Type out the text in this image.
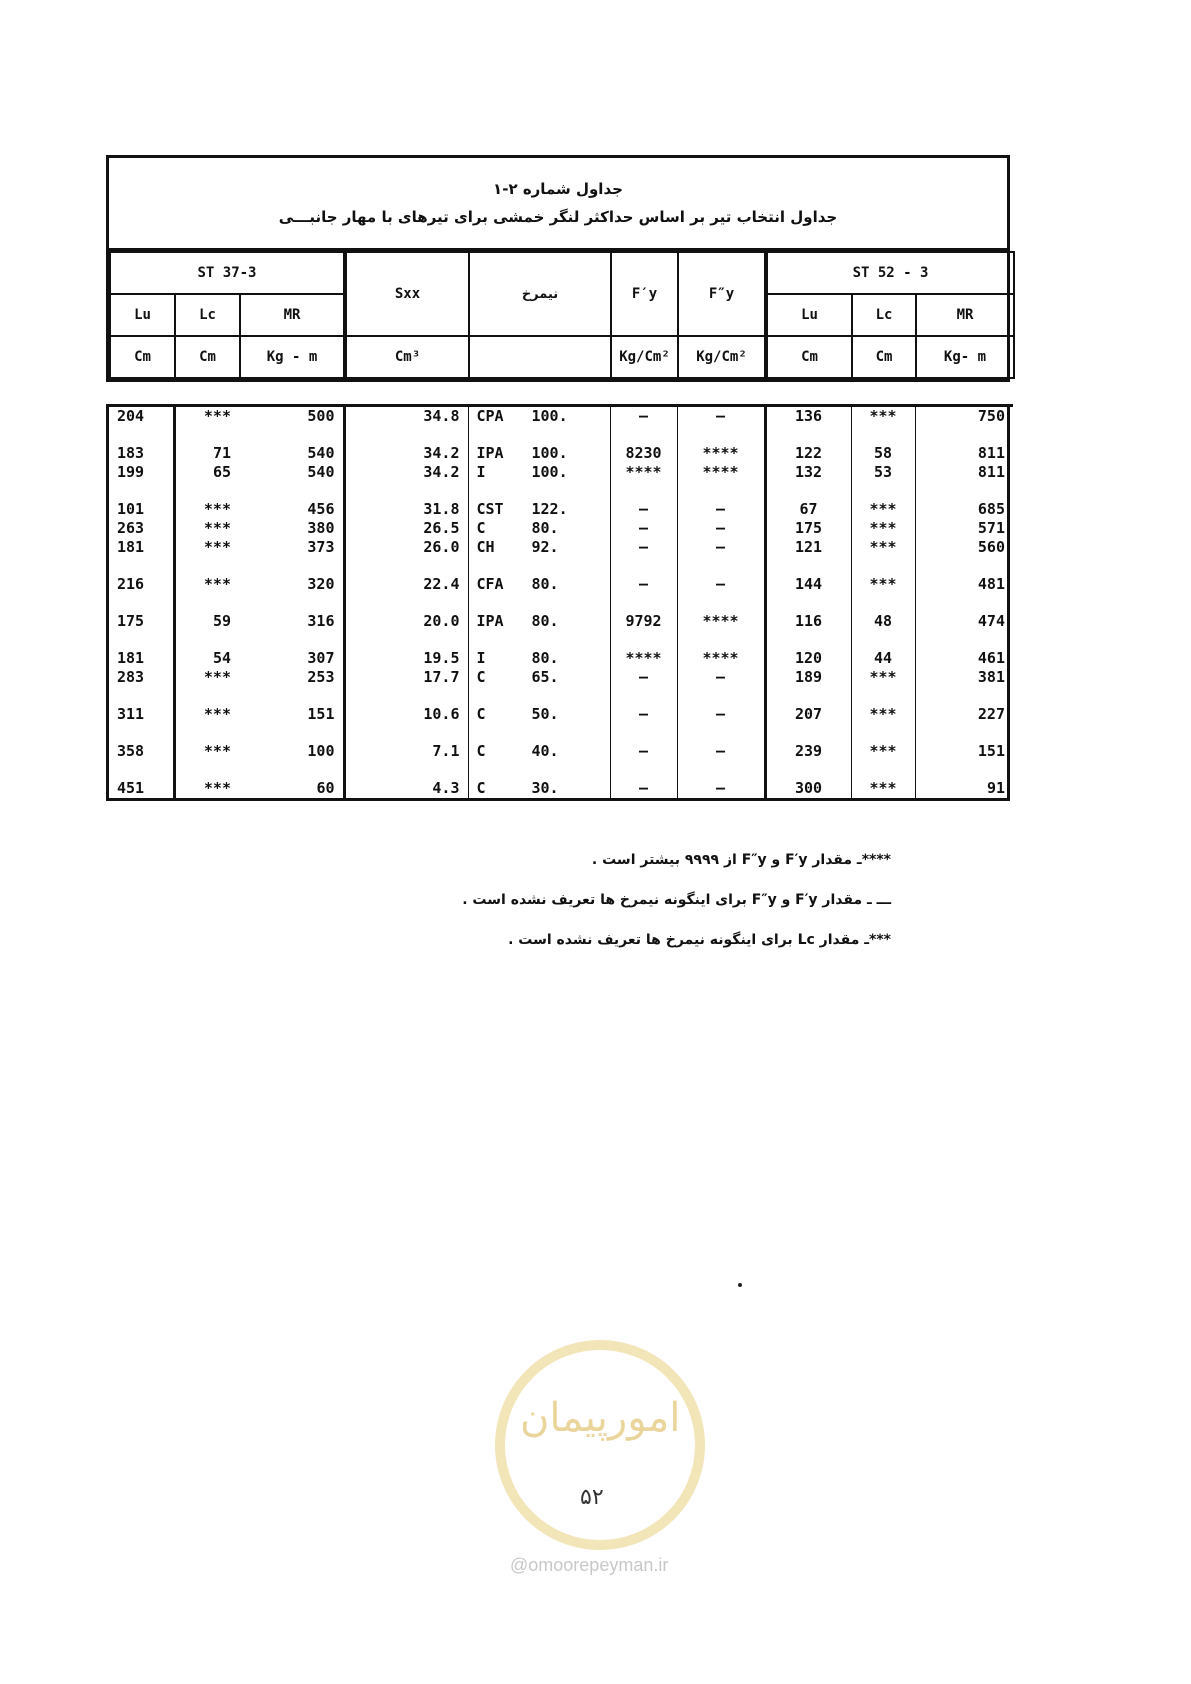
جداول شماره ۲-۱
جداول انتخاب تیر بر اساس حداکثر لنگر خمشی برای تیرهای با مهار جانبـــی
ST 37-3			Sxx	نیمرخ	F′y	F″y	ST 52 - 3		
Lu	Lc	MR					Lu	Lc	MR
Cm	Cm	Kg - m	Cm³		Kg/Cm²	Kg/Cm²	Cm	Cm	Kg- m
204	***	500	34.8	CPA 100.	—	—	136	***	750

183	71	540	34.2	IPA 100.	8230	****	122	58	811
199	65	540	34.2	I 100.	****	****	132	53	811

101	***	456	31.8	CST 122.	—	—	67	***	685
263	***	380	26.5	C 80.	—	—	175	***	571
181	***	373	26.0	CH 92.	—	—	121	***	560

216	***	320	22.4	CFA 80.	—	—	144	***	481

175	59	316	20.0	IPA 80.	9792	****	116	48	474

181	54	307	19.5	I 80.	****	****	120	44	461
283	***	253	17.7	C 65.	—	—	189	***	381

311	***	151	10.6	C 50.	—	—	207	***	227

358	***	100	7.1	C 40.	—	—	239	***	151

451	***	60	4.3	C 30.	—	—	300	***	91
****ـ مقدار F′y و F″y از ۹۹۹۹ بیشتر است .
ـــ ـ مقدار F′y و F″y برای اینگونه نیمرخ ها تعریف نشده است .
***ـ مقدار Lc برای اینگونه نیمرخ ها تعریف نشده است .
امورپیمان
۵۲
@omoorepeyman.ir
